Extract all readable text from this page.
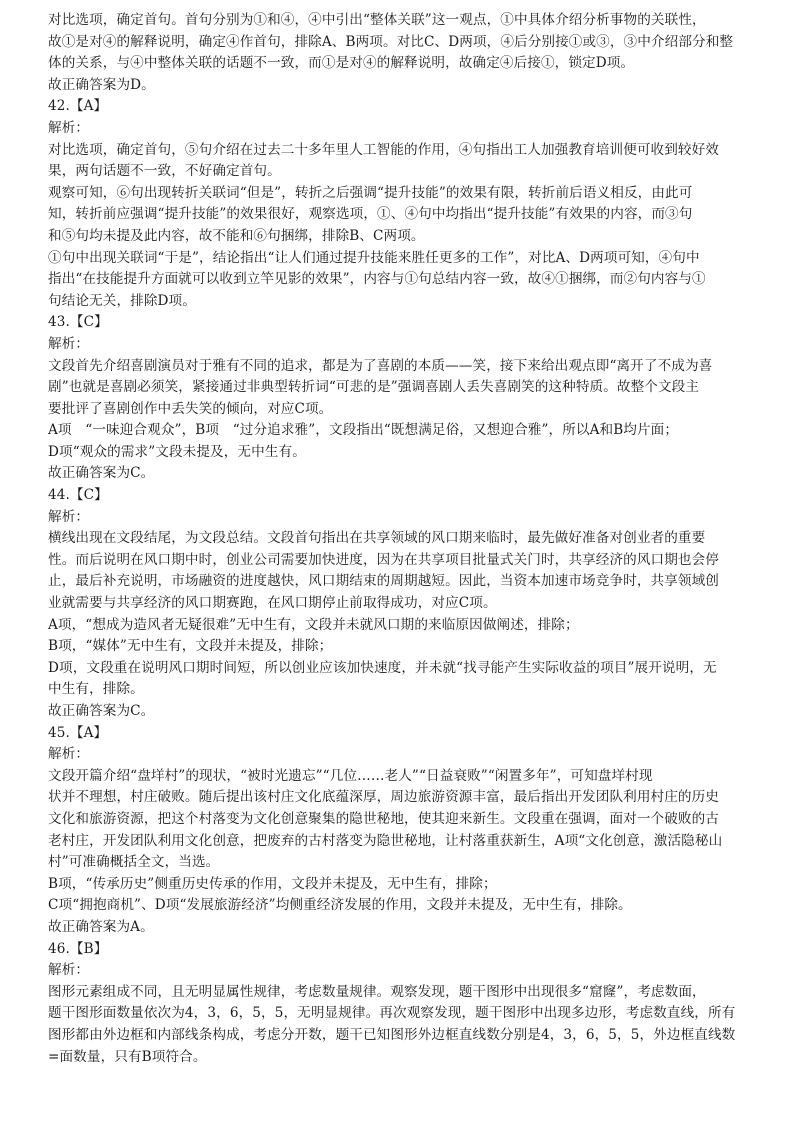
对比选项，确定首句。首句分别为①和④，④中引出“整体关联”这一观点，①中具体介绍分析事物的关联性，
故①是对④的解释说明，确定④作首句，排除A、B两项。对比C、D两项，④后分别接①或③，③中介绍部分和整
体的关系，与④中整体关联的话题不一致，而①是对④的解释说明，故确定④后接①，锁定D项。
故正确答案为D。
42.【A】
解析：
对比选项，确定首句，⑤句介绍在过去二十多年里人工智能的作用，④句指出工人加强教育培训便可收到较好效
果，两句话题不一致，不好确定首句。
观察可知，⑥句出现转折关联词“但是”，转折之后强调“提升技能”的效果有限，转折前后语义相反，由此可
知，转折前应强调“提升技能”的效果很好，观察选项，①、④句中均指出“提升技能”有效果的内容，而③句
和⑤句均未提及此内容，故不能和⑥句捆绑，排除B、C两项。
①句中出现关联词“于是”，结论指出“让人们通过提升技能来胜任更多的工作”，对比A、D两项可知，④句中
指出“在技能提升方面就可以收到立竿见影的效果”，内容与①句总结内容一致，故④①捆绑，而②句内容与①
句结论无关，排除D项。
43.【C】
解析：
文段首先介绍喜剧演员对于雅有不同的追求，都是为了喜剧的本质——笑，接下来给出观点即“离开了不成为喜
剧”也就是喜剧必须笑，紧接通过非典型转折词“可悲的是”强调喜剧人丢失喜剧笑的这种特质。故整个文段主
要批评了喜剧创作中丢失笑的倾向，对应C项。
A项　“一味迎合观众”，B项　“过分追求雅”，文段指出“既想满足俗，又想迎合雅”，所以A和B均片面；
D项“观众的需求”文段未提及，无中生有。
故正确答案为C。
44.【C】
解析：
横线出现在文段结尾，为文段总结。文段首句指出在共享领域的风口期来临时，最先做好准备对创业者的重要
性。而后说明在风口期中时，创业公司需要加快进度，因为在共享项目批量式关门时，共享经济的风口期也会停
止，最后补充说明，市场融资的进度越快，风口期结束的周期越短。因此，当资本加速市场竞争时，共享领域创
业就需要与共享经济的风口期赛跑，在风口期停止前取得成功，对应C项。
A项，“想成为造风者无疑很难”无中生有，文段并未就风口期的来临原因做阐述，排除；
B项，“媒体”无中生有，文段并未提及，排除；
D项，文段重在说明风口期时间短，所以创业应该加快速度，并未就“找寻能产生实际收益的项目”展开说明，无
中生有，排除。
故正确答案为C。
45.【A】
解析：
文段开篇介绍“盘垟村”的现状，“被时光遗忘”“几位……老人”“日益衰败”“闲置多年”，可知盘垟村现
状并不理想，村庄破败。随后提出该村庄文化底蕴深厚，周边旅游资源丰富，最后指出开发团队利用村庄的历史
文化和旅游资源，把这个村落变为文化创意聚集的隐世秘地，使其迎来新生。文段重在强调，面对一个破败的古
老村庄，开发团队利用文化创意，把废弃的古村落变为隐世秘地，让村落重获新生，A项“文化创意，激活隐秘山
村”可准确概括全文，当选。
B项，“传承历史”侧重历史传承的作用，文段并未提及，无中生有，排除；
C项“拥抱商机”、D项“发展旅游经济”均侧重经济发展的作用，文段并未提及，无中生有，排除。
故正确答案为A。
46.【B】
解析：
图形元素组成不同，且无明显属性规律，考虑数量规律。观察发现，题干图形中出现很多“窟窿”，考虑数面，
题干图形面数量依次为4，3，6，5，5，无明显规律。再次观察发现，题干图形中出现多边形，考虑数直线，所有
图形都由外边框和内部线条构成，考虑分开数，题干已知图形外边框直线数分别是4，3，6，5，5，外边框直线数
=面数量，只有B项符合。
